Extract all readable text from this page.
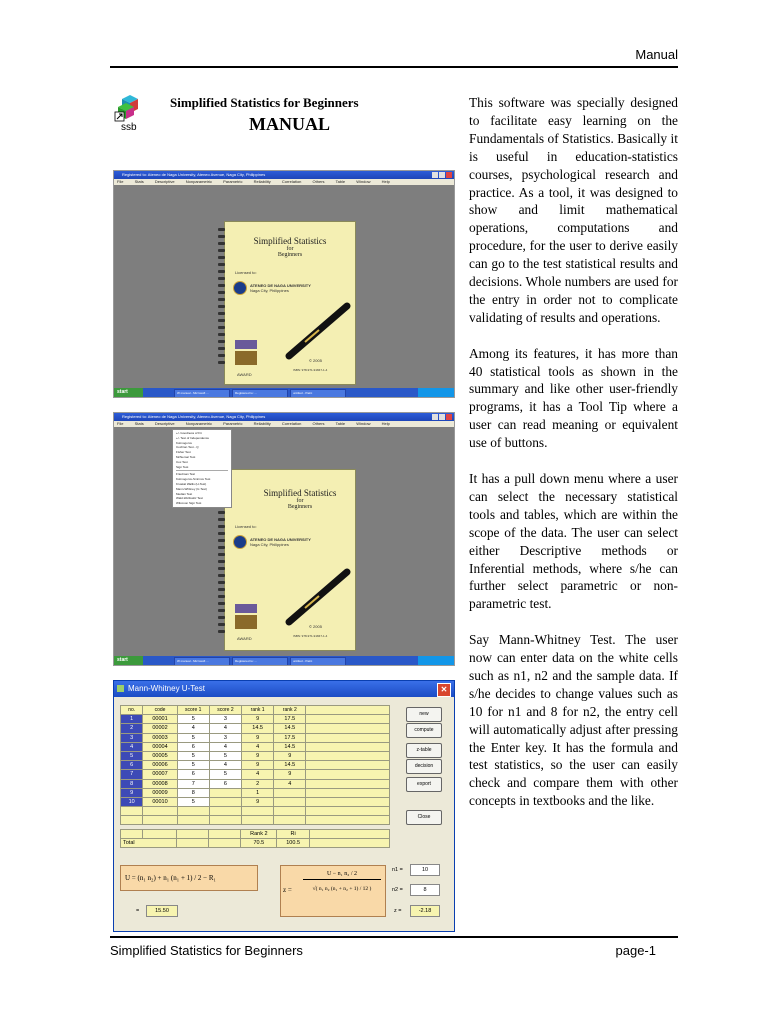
Manual
ssb
Simplified Statistics for Beginners
MANUAL

This software was specially designed to facilitate easy learning on the Fundamentals of Statistics. Basically it is useful in education-statistics courses, psychological research and practice. As a tool, it was designed to show and limit mathematical operations, computations and procedure, for the user to derive easily can go to the test statistical results and decisions. Whole numbers are used for the entry in order not to complicate validating of results and operations.

Among its features, it has more than 40 statistical tools as shown in the summary and like other user-friendly programs, it has a Tool Tip where a user can read meaning or equivalent use of buttons.

It has a pull down menu where a user can select the necessary statistical tools and tables, which are within the scope of the data. The user can select either Descriptive methods or Inferential methods, where s/he can further select parametric or non-parametric test.

Say Mann-Whitney Test. The user now can enter data on the white cells such as n1, n2 and the sample data. If s/he decides to change values such as 10 for n1 and 8 for n2, the entry cell will automatically adjust after pressing the Enter key. It has the formula and test statistics, so the user can easily check and compare them with other concepts in textbooks and the like.

Registered to: Ateneo de Naga University, Ateneo Avenue, Naga City, Philippines
File	Stats	Descriptive	Nonparametric	Parametric	Reliability	Correlation	Others	Table	Window	Help
Simplified Statistics
for
Beginners
Licensed to:
ATENEO DE NAGA UNIVERSITY
Naga City, Philippines
AWARD
© 2005
ISBN: 978-971-91847-1-4
start	W manual - Microsoft ...	Registered to: ...	untitled - Paint
Registered to: Ateneo de Naga University, Ateneo Avenue, Naga City, Philippines
File	Stats	Descriptive	Nonparametric	Parametric	Reliability	Correlation	Others	Table	Window	Help
Simplified Statistics
for
Beginners
Licensed to:
ATENEO DE NAGA UNIVERSITY
Naga City, Philippines
AWARD
© 2005
ISBN: 978-971-91847-1-4
+/- Goodness of Fit
+/- Test of Independence
Kolmogorov
Cochran Test - Q
Fisher Test
McNemar Test
Cox Test
Sign Test
Friedman Test
Kolmogorov-Smirnov Test
Kruskal Wallis (H-Test)
Mann-Whitney (U-Test)
Median Test
Wald-Wolfowitz Test
Wilcoxon Sign Test
start	W manual - Microsoft ...	Registered to: ...	untitled - Paint
Mann-Whitney U-Test	✕
no.	code	score 1	score 2	rank 1	rank 2	
1	00001	5	3	9	17.5	
2	00002	4	4	14.5	14.5	
3	00003	5	3	9	17.5	
4	00004	6	4	4	14.5	
5	00005	5	5	9	9	
6	00006	5	4	9	14.5	
7	00007	6	5	4	9	
8	00008	7	6	2	4	
9	00009	8		1		
10	00010	5		9		

new
compute
z-table
decision
export
Close
				Rank 2	Ri	
Total				70.5	100.5	
U = (n₁ n₂) + n₁ (n₁ + 1) / 2 − R₁
=	15.50
z =
U − n₁ n₂ / 2
√( n₁ n₂ (n₁ + n₂ + 1) / 12 )
n1 =	10
n2 =	8
z =	-2.18
Simplified Statistics for Beginners	page-1
